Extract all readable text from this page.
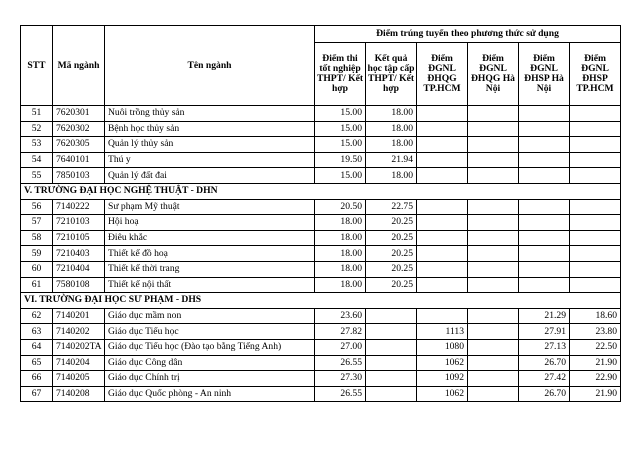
STT	Mã ngành	Tên ngành	Điểm trúng tuyển theo phương thức sử dụng					
			Điểm thi tốt nghiệp THPT/ Kết hợp	Kết quả học tập cấp THPT/ Kết hợp	Điểm ĐGNL ĐHQG TP.HCM	Điểm ĐGNL ĐHQG Hà Nội	Điểm ĐGNL ĐHSP Hà Nội	Điểm ĐGNL ĐHSP TP.HCM
51	7620301	Nuôi trồng thủy sản	15.00	18.00				
52	7620302	Bệnh học thủy sản	15.00	18.00				
53	7620305	Quản lý thủy sản	15.00	18.00				
54	7640101	Thú y	19.50	21.94				
55	7850103	Quản lý đất đai	15.00	18.00				
V. TRƯỜNG ĐẠI HỌC NGHỆ THUẬT - DHN								
56	7140222	Sư phạm Mỹ thuật	20.50	22.75				
57	7210103	Hội hoạ	18.00	20.25				
58	7210105	Điêu khắc	18.00	20.25				
59	7210403	Thiết kế đồ hoạ	18.00	20.25				
60	7210404	Thiết kế thời trang	18.00	20.25				
61	7580108	Thiết kế nội thất	18.00	20.25				
VI. TRƯỜNG ĐẠI HỌC SƯ PHẠM - DHS								
62	7140201	Giáo dục mầm non	23.60				21.29	18.60
63	7140202	Giáo dục Tiểu học	27.82		1113		27.91	23.80
64	7140202TA	Giáo dục Tiểu học (Đào tạo bằng Tiếng Anh)	27.00		1080		27.13	22.50
65	7140204	Giáo dục Công dân	26.55		1062		26.70	21.90
66	7140205	Giáo dục Chính trị	27.30		1092		27.42	22.90
67	7140208	Giáo dục Quốc phòng - An ninh	26.55		1062		26.70	21.90
